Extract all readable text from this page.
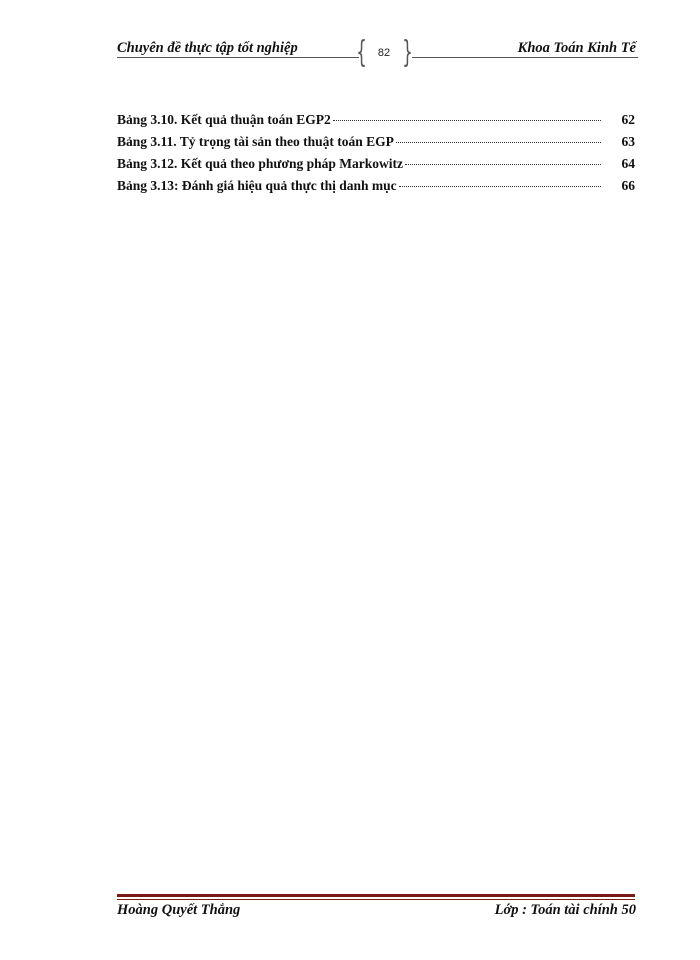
Chuyên đề thực tập tốt nghiệp {	82 }	Khoa Toán Kinh Tế
Bảng 3.10. Kết quả thuận toán EGP2	62
Bảng 3.11. Tỷ trọng tài sản theo thuật toán EGP	63
Bảng 3.12. Kết quả theo phương pháp Markowitz	64
Bảng 3.13: Đánh giá hiệu quả thực thị danh mục	66
Hoàng Quyết Thắng	Lớp : Toán tài chính 50
